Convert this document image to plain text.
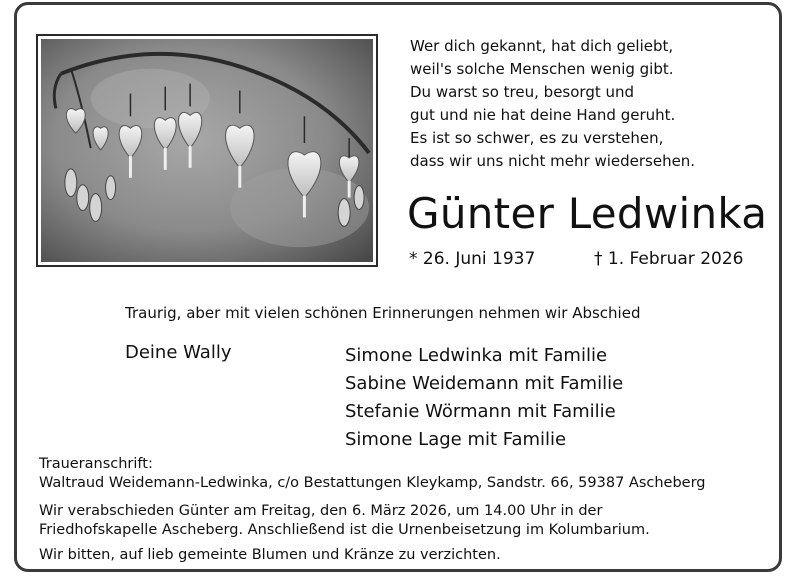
Wer dich gekannt, hat dich geliebt,
weil's solche Menschen wenig gibt.
Du warst so treu, besorgt und
gut und nie hat deine Hand geruht.
Es ist so schwer, es zu verstehen,
dass wir uns nicht mehr wiedersehen.
Günter Ledwinka
* 26. Juni 1937	† 1. Februar 2026
Traurig, aber mit vielen schönen Erinnerungen nehmen wir Abschied
Deine Wally	Simone Ledwinka mit Familie
Sabine Weidemann mit Familie
Stefanie Wörmann mit Familie
Simone Lage mit Familie
Traueranschrift:
Waltraud Weidemann-Ledwinka, c/o Bestattungen Kleykamp, Sandstr. 66, 59387 Ascheberg
Wir verabschieden Günter am Freitag, den 6. März 2026, um 14.00 Uhr in der
Friedhofskapelle Ascheberg. Anschließend ist die Urnenbeisetzung im Kolumbarium.
Wir bitten, auf lieb gemeinte Blumen und Kränze zu verzichten.
